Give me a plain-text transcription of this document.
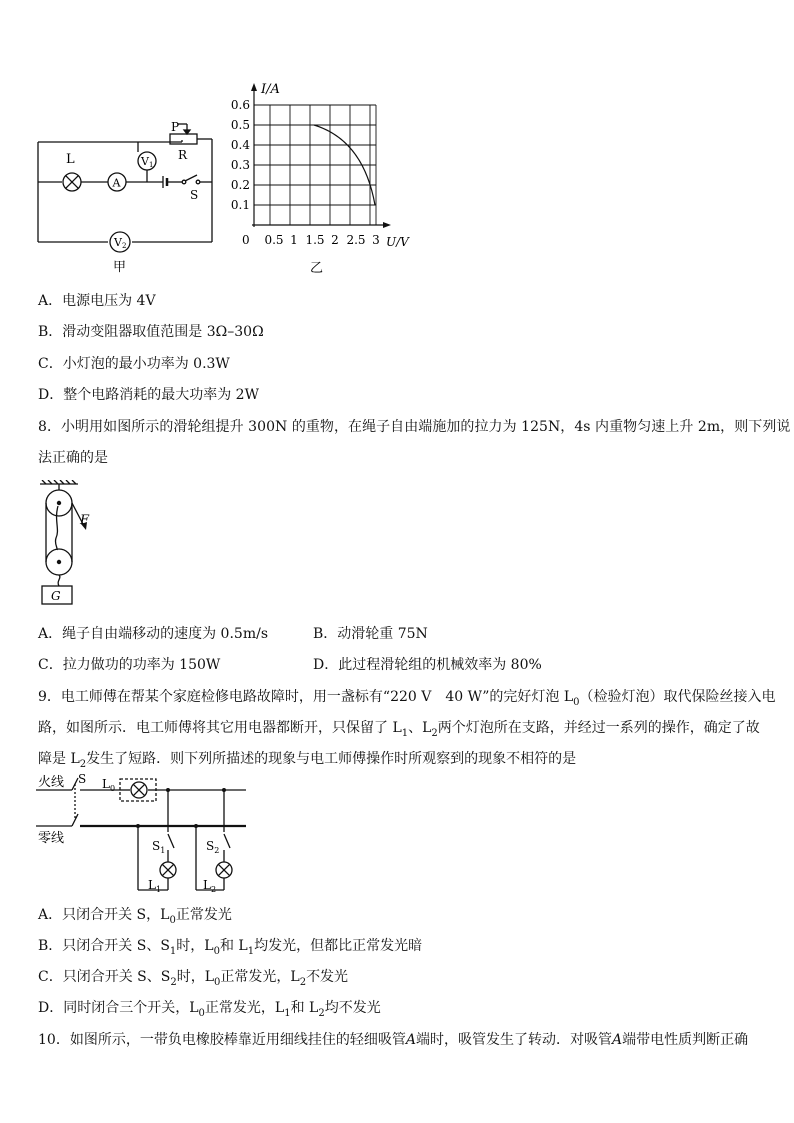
L
P
R
S
A
V1
V2
甲
I/A
U/V
0
0.6
0.5
0.4
0.3
0.2
0.1
0.5 1 1.5 2 2.5 3
乙
A．电源电压为 4V
B．滑动变阻器取值范围是 3Ω–30Ω
C．小灯泡的最小功率为 0.3W
D．整个电路消耗的最大功率为 2W
8．小明用如图所示的滑轮组提升 300N 的重物，在绳子自由端施加的拉力为 125N，4s 内重物匀速上升 2m，则下列说
法正确的是
F
G
A．绳子自由端移动的速度为 0.5m/s	B．动滑轮重 75N
C．拉力做功的功率为 150W	D．此过程滑轮组的机械效率为 80%
9．电工师傅在帮某个家庭检修电路故障时，用一盏标有“220 V　40 W”的完好灯泡 $L_0$（检验灯泡）取代保险丝接入电
路，如图所示．电工师傅将其它用电器都断开，只保留了 $L_1$、$L_2$两个灯泡所在支路，并经过一系列的操作，确定了故
障是 $L_2$发生了短路．则下列所描述的现象与电工师傅操作时所观察到的现象不相符的是
火线
零线
S $L_0$
$S_1$	$S_2$
$L_1$	$L_2$
A．只闭合开关 S，$L_0$正常发光
B．只闭合开关 S、$S_1$时，$L_0$和 $L_1$均发光，但都比正常发光暗
C．只闭合开关 S、$S_2$时，$L_0$正常发光，$L_2$不发光
D．同时闭合三个开关，$L_0$正常发光，$L_1$和 $L_2$均不发光
10．如图所示，一带负电橡胶棒靠近用细线挂住的轻细吸管A端时，吸管发生了转动．对吸管A端带电性质判断正确
